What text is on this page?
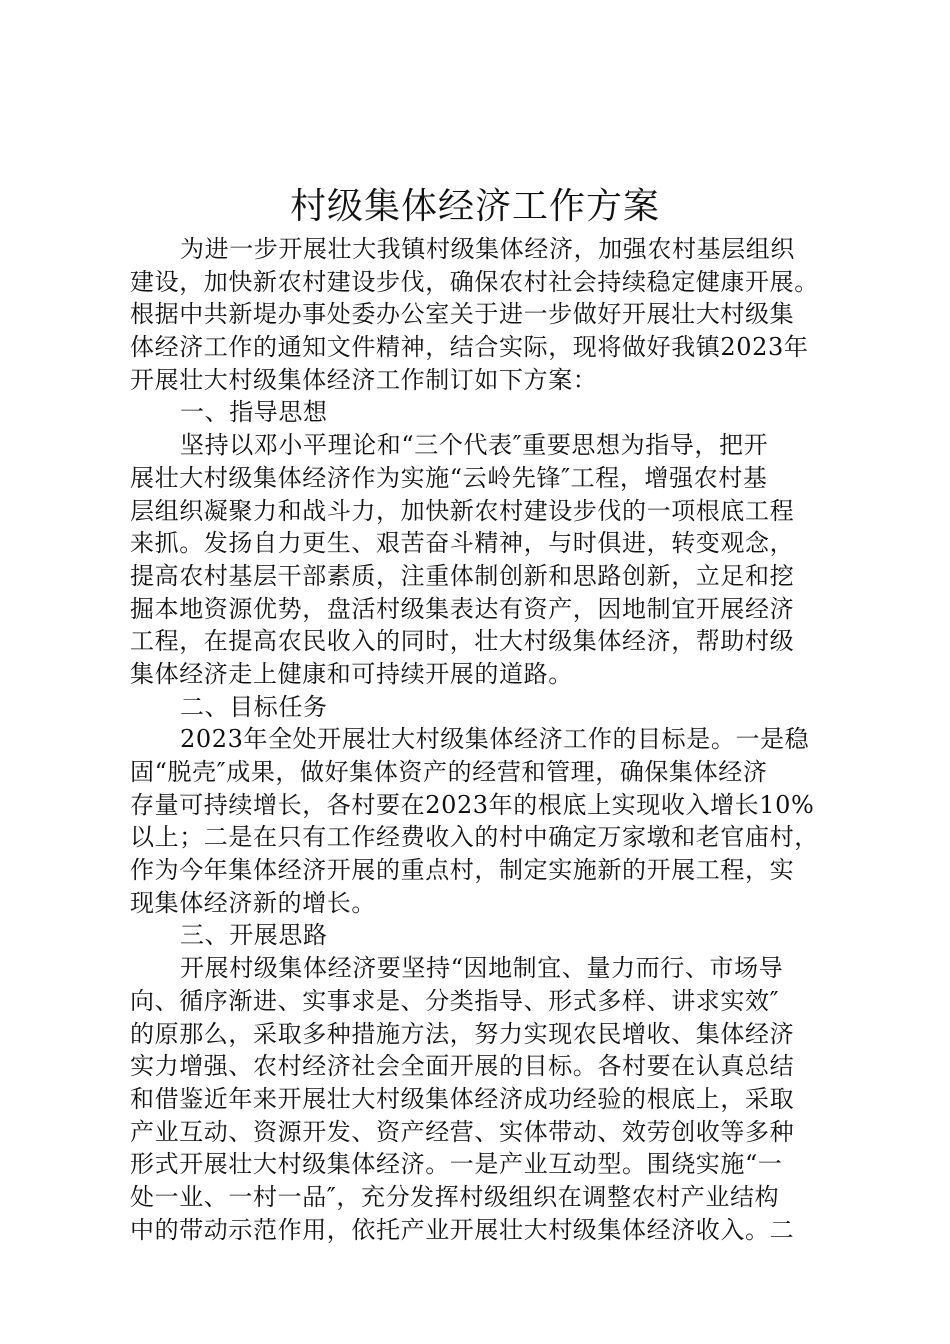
村级集体经济工作方案
为进一步开展壮大我镇村级集体经济，加强农村基层组织
建设，加快新农村建设步伐，确保农村社会持续稳定健康开展。
根据中共新堤办事处委办公室关于进一步做好开展壮大村级集
体经济工作的通知文件精神，结合实际，现将做好我镇2023年
开展壮大村级集体经济工作制订如下方案：
一、指导思想
坚持以邓小平理论和“三个代表″重要思想为指导，把开
展壮大村级集体经济作为实施“云岭先锋″工程，增强农村基
层组织凝聚力和战斗力，加快新农村建设步伐的一项根底工程
来抓。发扬自力更生、艰苦奋斗精神，与时俱进，转变观念，
提高农村基层干部素质，注重体制创新和思路创新，立足和挖
掘本地资源优势，盘活村级集表达有资产，因地制宜开展经济
工程，在提高农民收入的同时，壮大村级集体经济，帮助村级
集体经济走上健康和可持续开展的道路。
二、目标任务
2023年全处开展壮大村级集体经济工作的目标是。一是稳
固“脱壳″成果，做好集体资产的经营和管理，确保集体经济
存量可持续增长，各村要在2023年的根底上实现收入增长10%
以上；二是在只有工作经费收入的村中确定万家墩和老官庙村，
作为今年集体经济开展的重点村，制定实施新的开展工程，实
现集体经济新的增长。
三、开展思路
开展村级集体经济要坚持“因地制宜、量力而行、市场导
向、循序渐进、实事求是、分类指导、形式多样、讲求实效″
的原那么，采取多种措施方法，努力实现农民增收、集体经济
实力增强、农村经济社会全面开展的目标。各村要在认真总结
和借鉴近年来开展壮大村级集体经济成功经验的根底上，采取
产业互动、资源开发、资产经营、实体带动、效劳创收等多种
形式开展壮大村级集体经济。一是产业互动型。围绕实施“一
处一业、一村一品″，充分发挥村级组织在调整农村产业结构
中的带动示范作用，依托产业开展壮大村级集体经济收入。二
